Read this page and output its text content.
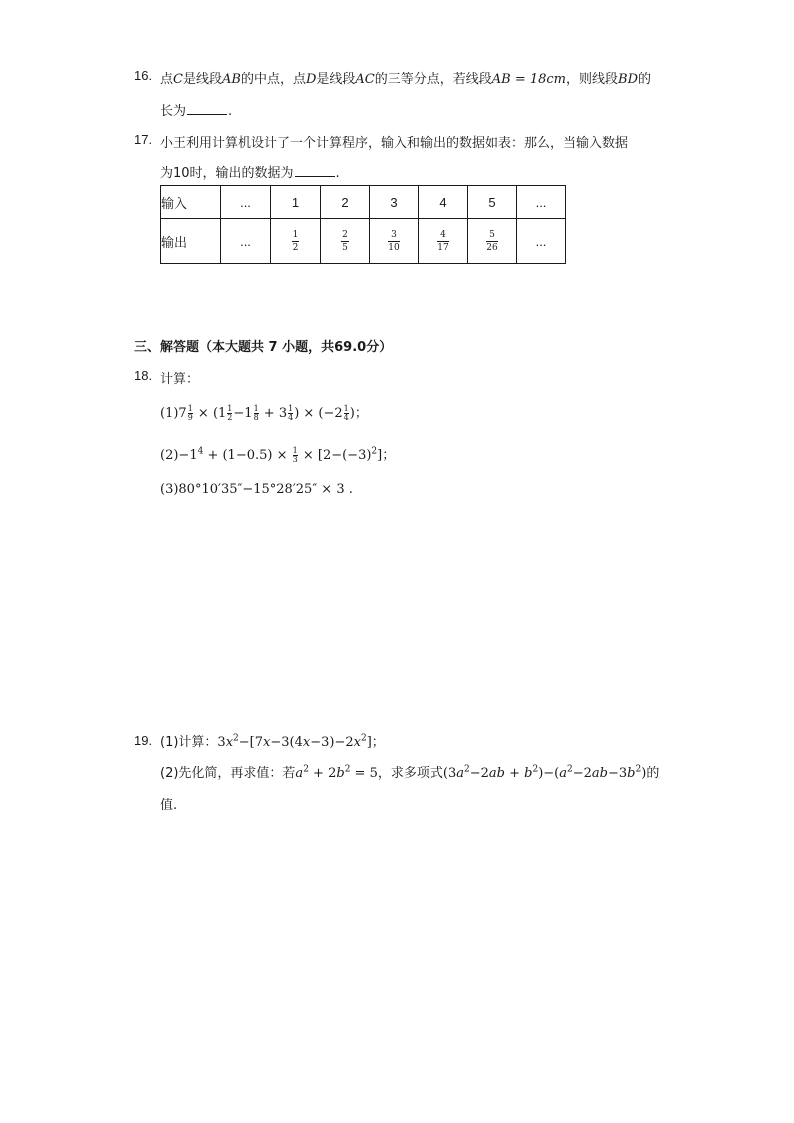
16. 点C是线段AB的中点，点D是线段AC的三等分点，若线段AB = 18cm，则线段BD的
长为	.
17. 小王利用计算机设计了一个计算程序，输入和输出的数据如表：那么，当输入数据
为10时，输出的数据为	.
输入	...	1	2	3	4	5	...
输出	...	$\frac{1}{2}$	$\frac{2}{5}$	$\frac{3}{10}$	$\frac{4}{17}$	$\frac{5}{26}$	...
三、解答题（本大题共 7 小题，共69.0分）
18. 计算：
$(1)7 \frac{1}{9} \times (1 \frac{1}{2} -1 \frac{1}{8} + 3 \frac{1}{4}$ ) × ($-2 \frac{1}{4}$ )；
$(2)-1^4 + (1-0.5) \times \frac{1}{3} \times [2-(-3)^2]$；
(3)80°10′35″−15°28′25″ × 3 .
19. (1)计算：$3x^2-[7x-3(4x-3)-2x^2]$；
(2)先化简，再求值：若$a^2 + 2b^2 = 5$，求多项式$(3a^2-2ab + b^2)-(a^2-2ab-3b^2)$的
值.
